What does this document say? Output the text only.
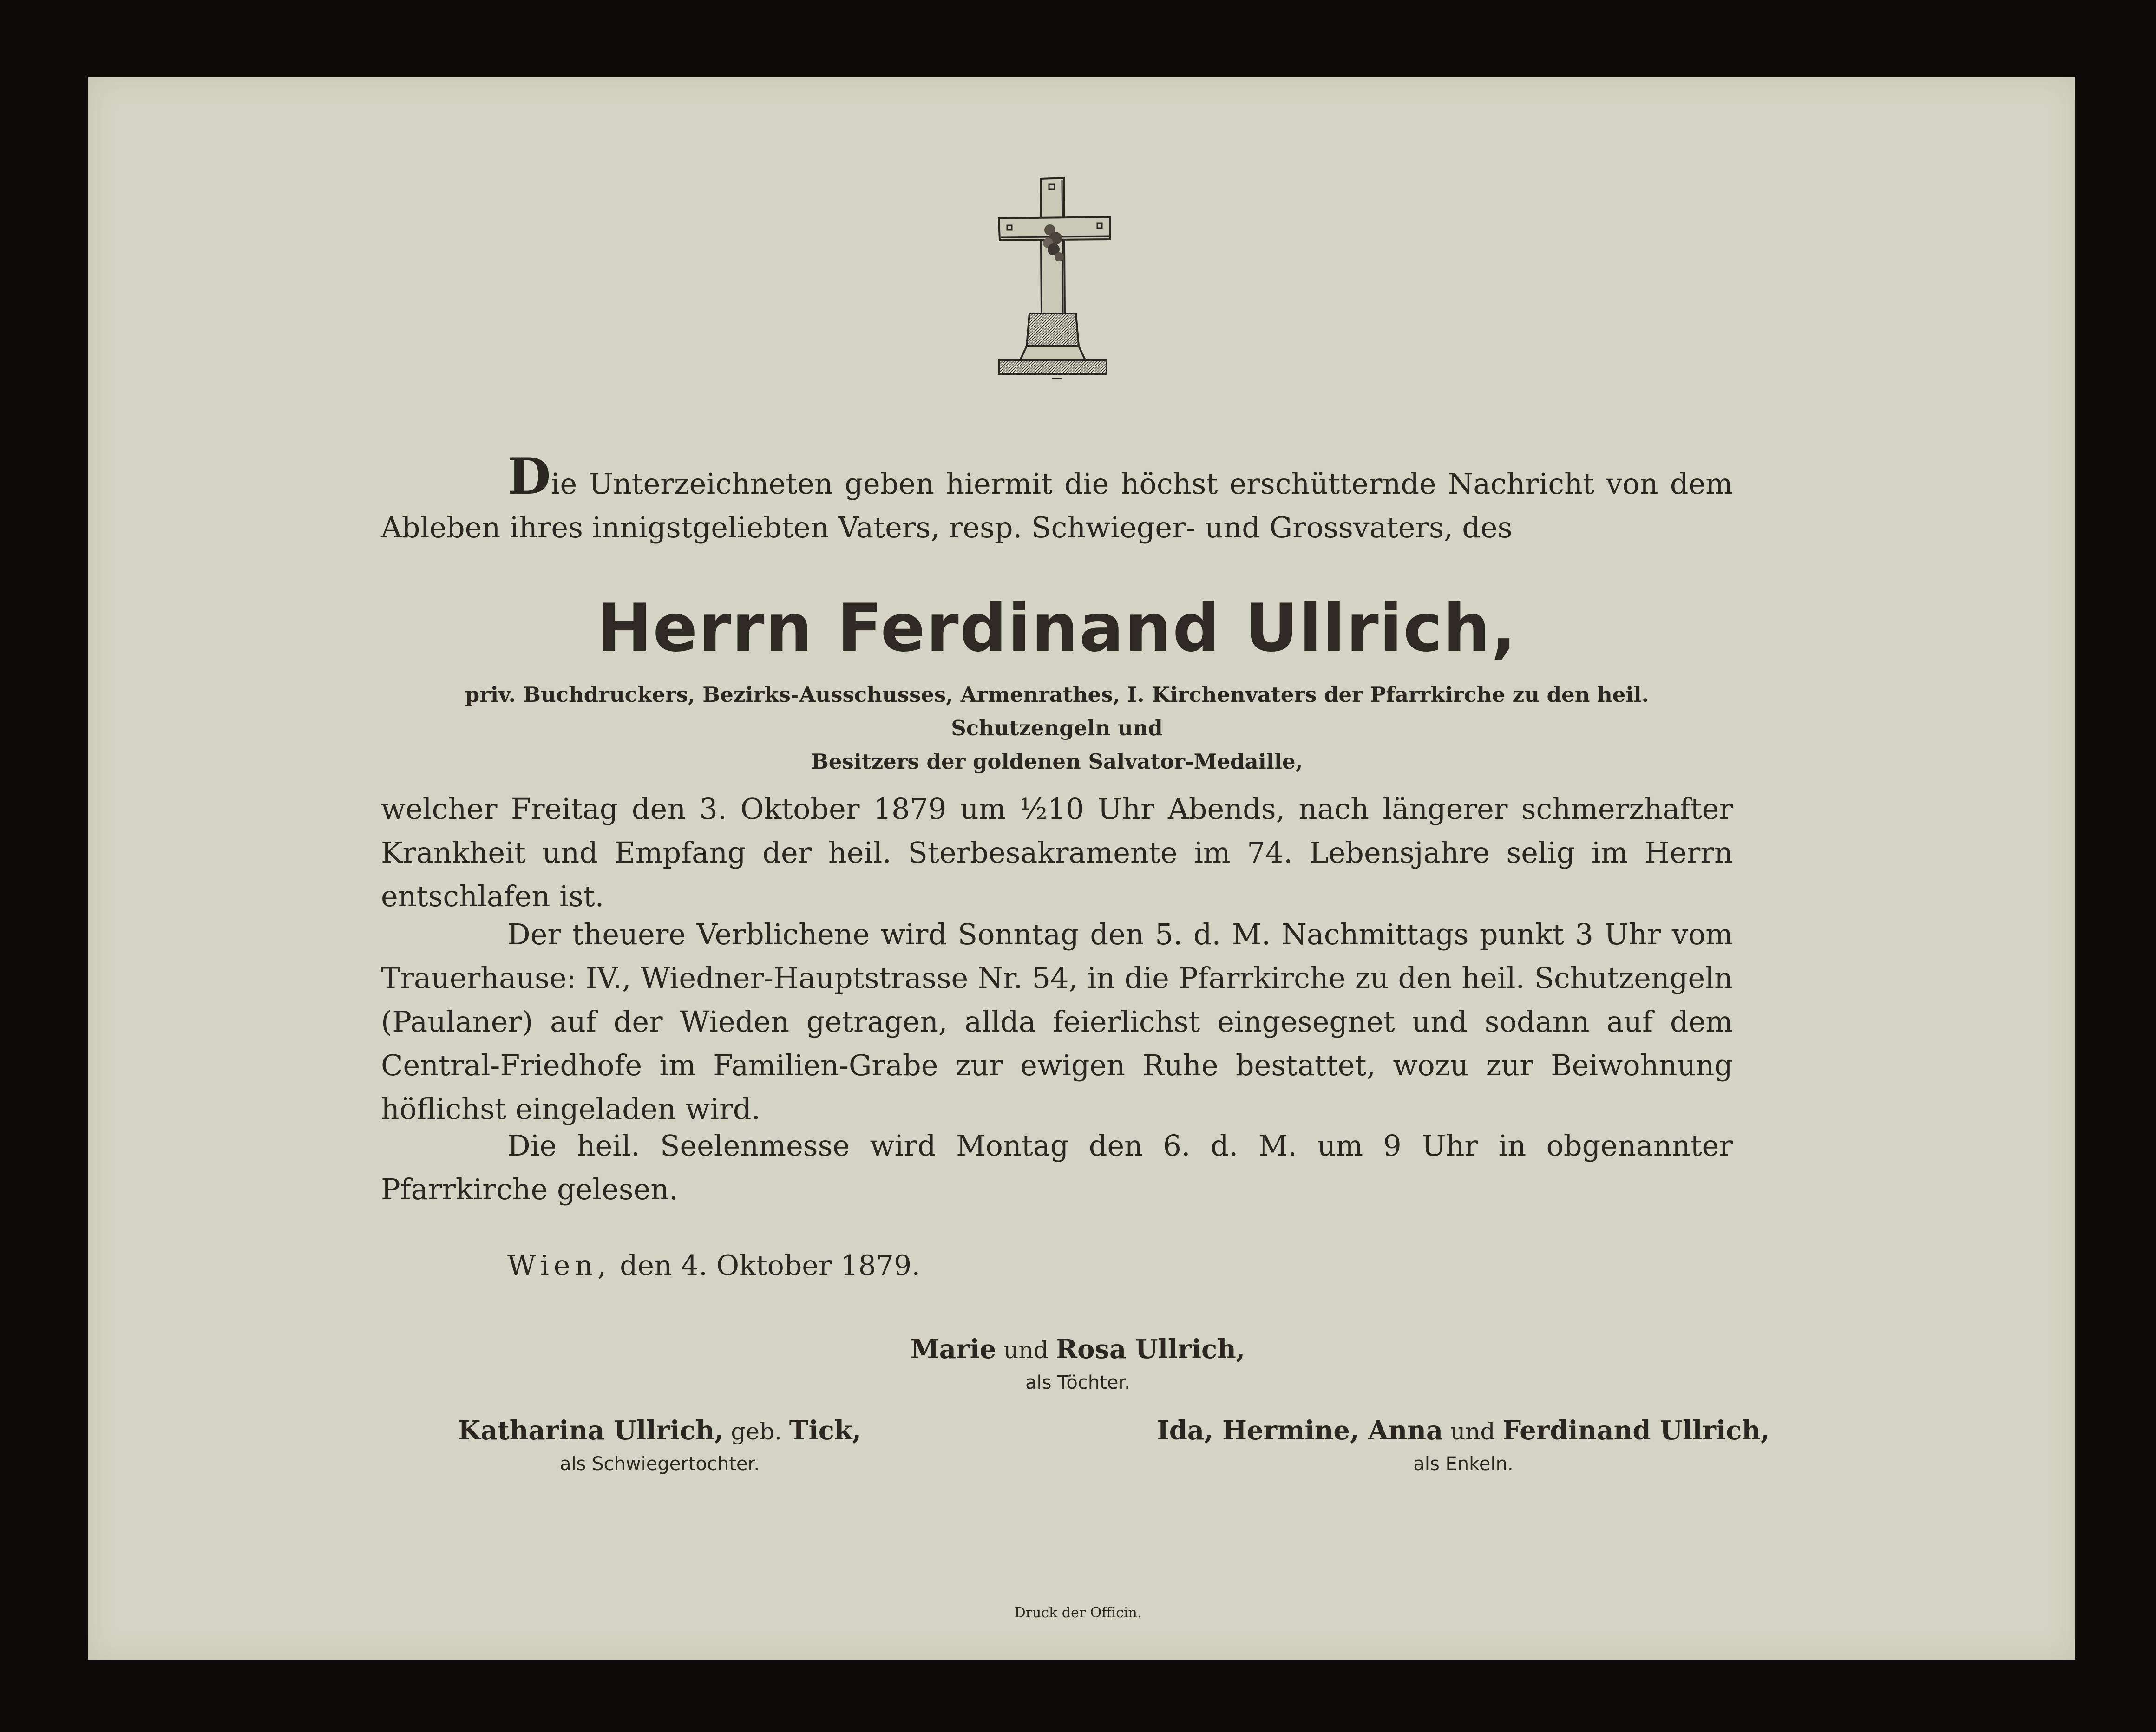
Die Unterzeichneten geben hiermit die höchst erschütternde Nachricht von dem Ableben ihres innigstgeliebten Vaters, resp. Schwieger- und Grossvaters, des

Herrn Ferdinand Ullrich,
priv. Buchdruckers, Bezirks-Ausschusses, Armenrathes, I. Kirchenvaters der Pfarrkirche zu den heil. Schutzengeln und
Besitzers der goldenen Salvator-Medaille,

welcher Freitag den 3. Oktober 1879 um ½10 Uhr Abends, nach längerer schmerzhafter Krankheit und Empfang der heil. Sterbesakramente im 74. Lebensjahre selig im Herrn entschlafen ist.

Der theuere Verblichene wird Sonntag den 5. d. M. Nachmittags punkt 3 Uhr vom Trauerhause: IV., Wiedner-Hauptstrasse Nr. 54, in die Pfarrkirche zu den heil. Schutzengeln (Paulaner) auf der Wieden getragen, allda feierlichst eingesegnet und sodann auf dem Central-Friedhofe im Familien-Grabe zur ewigen Ruhe bestattet, wozu zur Beiwohnung höflichst eingeladen wird.

Die heil. Seelenmesse wird Montag den 6. d. M. um 9 Uhr in obgenannter Pfarrkirche gelesen.

Wien, den 4. Oktober 1879.

Marie und Rosa Ullrich,
als Töchter.
Katharina Ullrich, geb. Tick,
als Schwiegertochter.
Ida, Hermine, Anna und Ferdinand Ullrich,
als Enkeln.
Druck der Officin.
